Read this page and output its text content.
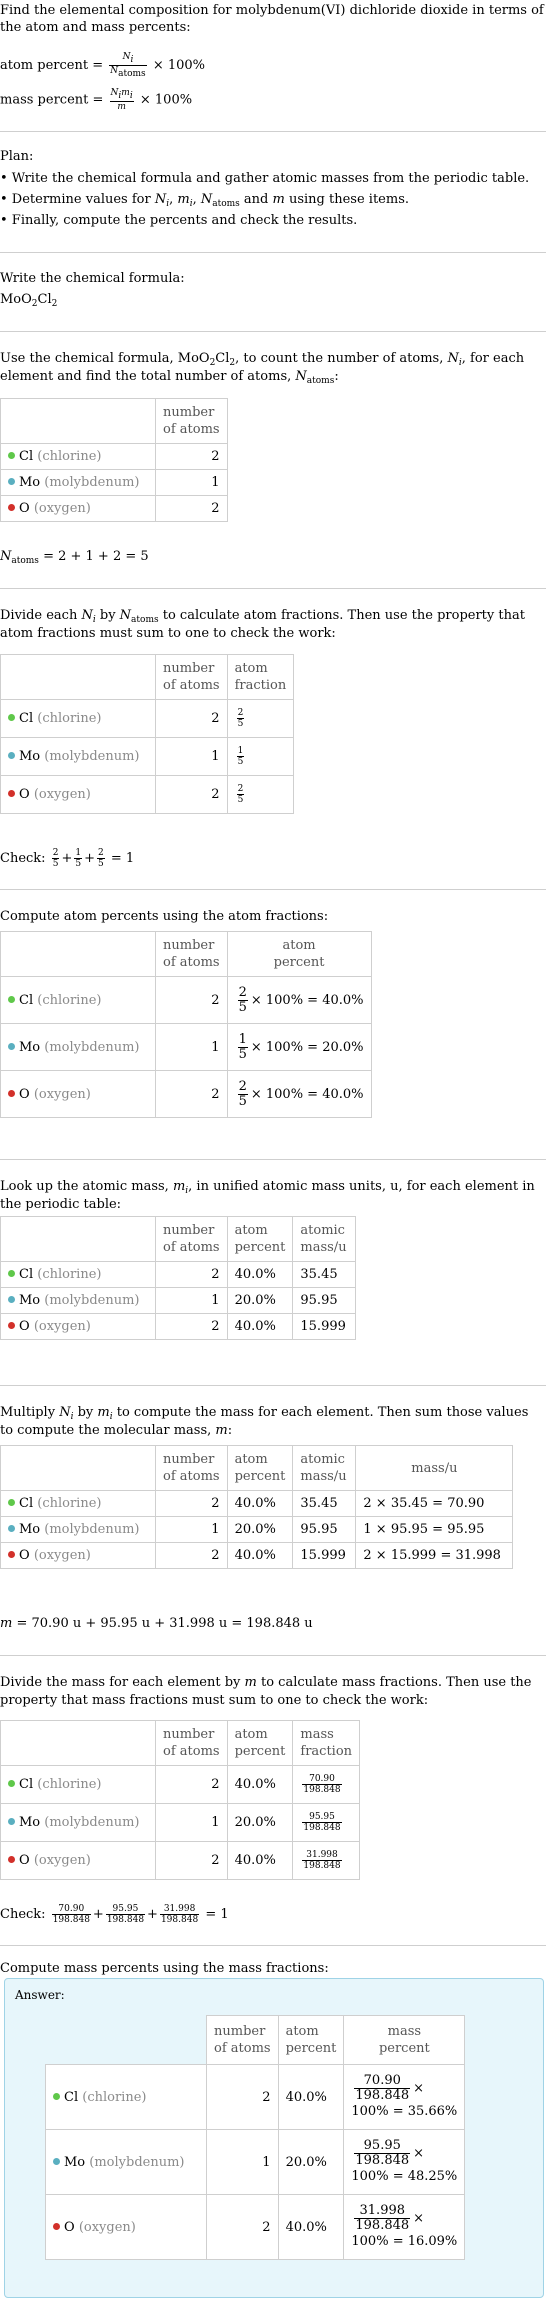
Find the elemental composition for molybdenum(VI) dichloride dioxide in terms of
the atom and mass percents:
atom percent = $\frac{Ni}{\text{Natoms}} \times 100\%$
mass percent = $\frac{\text{Nimi}}{m} \times 100\%$
Plan:
• Write the chemical formula and gather atomic masses from the periodic table.
• Determine values for $N_i$, $m_i$, $N_{atoms}$ and m using these items.
• Finally, compute the percents and check the results.
Write the chemical formula:
$MoO_2Cl_2$
Use the chemical formula, $MoO_2Cl_2$, to count the number of atoms, $N_i$, for each
element and find the total number of atoms, $N_{atoms}$:
	number
of atoms
Cl (chlorine)	2
Mo (molybdenum)	1
O (oxygen)	2
$N_{atoms} = 2 + 1 + 2 = 5$
Divide each $N_i$ by $N_{atoms}$ to calculate atom fractions. Then use the property that
atom fractions must sum to one to check the work:
	number
of atoms	atom
fraction
Cl (chlorine)	2	$\frac{2}{5}$

Mo (molybdenum)	1	$\frac{1}{5}$

O (oxygen)	2	$\frac{2}{5}$
Check: $\frac{2}{5} + \frac{1}{5} + \frac{2}{5} = 1$
Compute atom percents using the atom fractions:
	number
of atoms	atom
percent
Cl (chlorine)	2	$\frac{2}{5} \times 100\% = 40.0\%$
Mo (molybdenum)	1	$\frac{1}{5} \times 100\% = 20.0\%$
O (oxygen)	2	$\frac{2}{5} \times 100\% = 40.0\%$
Look up the atomic mass, $m_i$, in unified atomic mass units, u, for each element in
the periodic table:
	number
of atoms	atom
percent	atomic
mass/u
Cl (chlorine)	2	40.0%	35.45
Mo (molybdenum)	1	20.0%	95.95
O (oxygen)	2	40.0%	15.999
Multiply $N_i$ by $m_i$ to compute the mass for each element. Then sum those values
to compute the molecular mass, m:
	number
of atoms	atom
percent	atomic
mass/u	mass/u
Cl (chlorine)	2	40.0%	35.45	2 × 35.45 = 70.90
Mo (molybdenum)	1	20.0%	95.95	1 × 95.95 = 95.95
O (oxygen)	2	40.0%	15.999	2 × 15.999 = 31.998
m = 70.90 u + 95.95 u + 31.998 u = 198.848 u
Divide the mass for each element by m to calculate mass fractions. Then use the
property that mass fractions must sum to one to check the work:
	number
of atoms	atom
percent	mass
fraction
Cl (chlorine)	2	40.0%	$\frac{70.90}{198.848}$

Mo (molybdenum)	1	20.0%	$\frac{95.95}{198.848}$

O (oxygen)	2	40.0%	$\frac{31.998}{198.848}$
Check: $\frac{70.90}{198.848} + \frac{95.95}{198.848} + \frac{31.998}{198.848} = 1$
Compute mass percents using the mass fractions:
Answer:
	number
of atoms	atom
percent	mass
percent
Cl (chlorine)	2	40.0%	$\frac{70.90}{198.848}$ ×
100% = 35.66%
Mo (molybdenum)	1	20.0%	$\frac{95.95}{198.848}$ ×
100% = 48.25%
O (oxygen)	2	40.0%	$\frac{31.998}{198.848}$ ×
100% = 16.09%
